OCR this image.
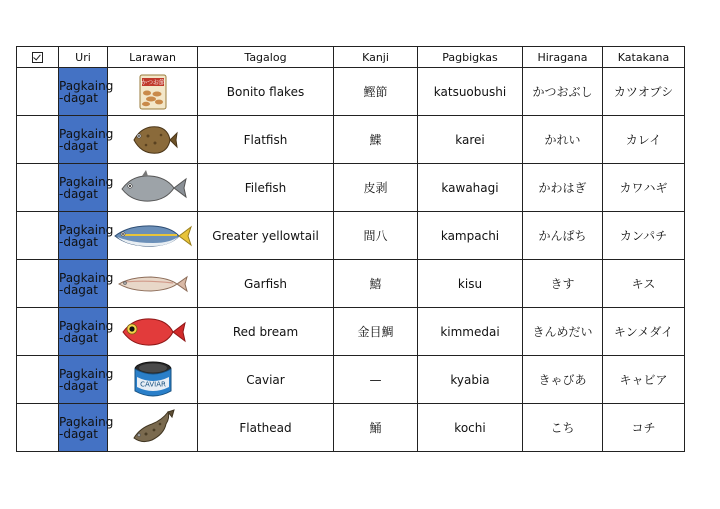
	Uri	Larawan	Tagalog	Kanji	Pagbigkas	Hiragana	Katakana
	Pagkaing
-dagat	かつお節	Bonito flakes	鰹節	katsuobushi	かつおぶし	カツオブシ
	Pagkaing
-dagat		Flatfish	鰈	karei	かれい	カレイ
	Pagkaing
-dagat		Filefish	皮剥	kawahagi	かわはぎ	カワハギ
	Pagkaing
-dagat		Greater yellowtail	間八	kampachi	かんぱち	カンパチ
	Pagkaing
-dagat		Garfish	鱚	kisu	きす	キス
	Pagkaing
-dagat		Red bream	金目鯛	kimmedai	きんめだい	キンメダイ
	Pagkaing
-dagat	CAVIAR	Caviar	—	kyabia	きゃびあ	キャビア
	Pagkaing
-dagat		Flathead	鯒	kochi	こち	コチ
